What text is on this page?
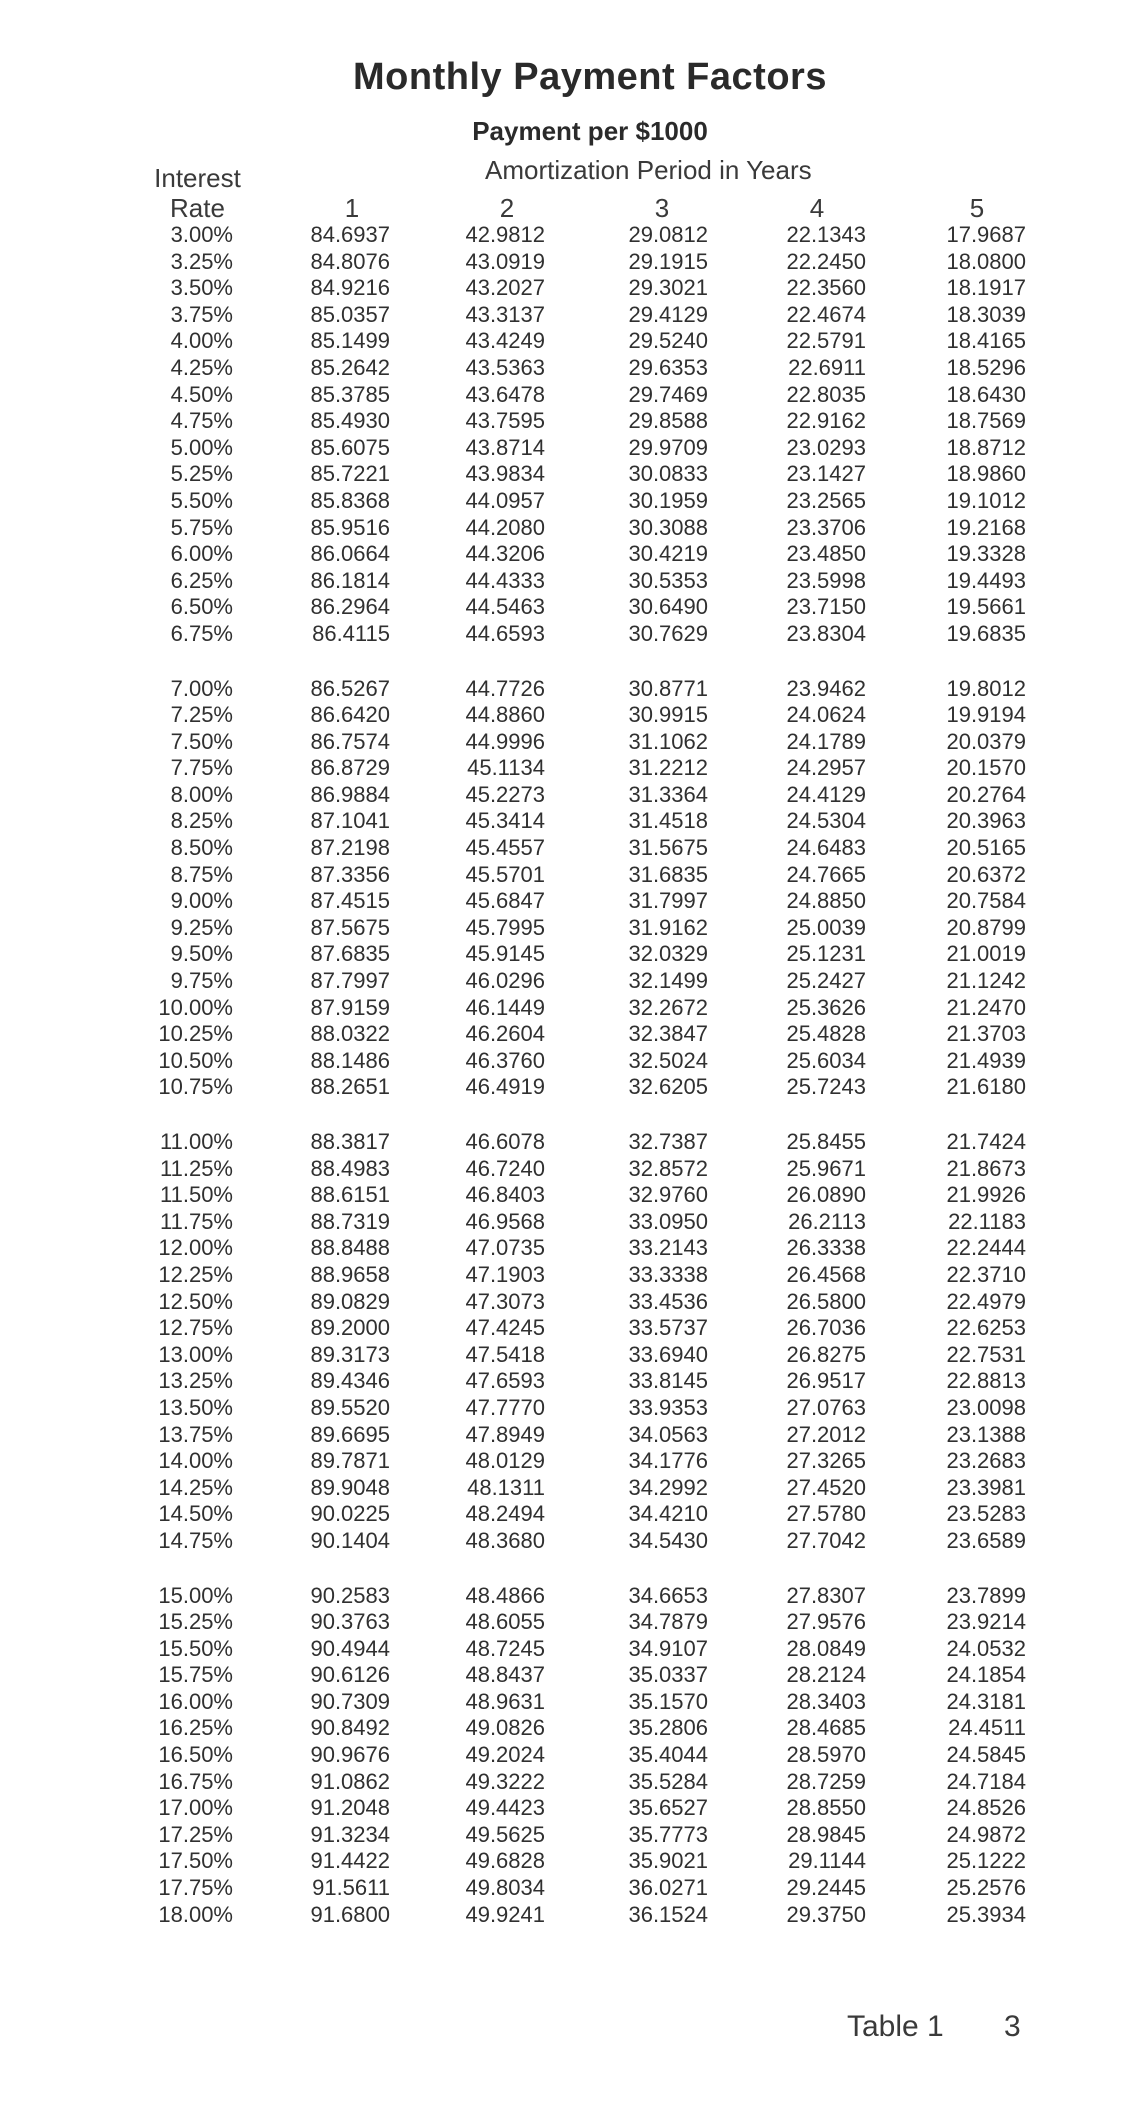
Monthly Payment Factors
Payment per $1000
Amortization Period in Years
Interest
Rate	1	2	3	4	5
3.00%	84.6937	42.9812	29.0812	22.1343	17.9687
3.25%	84.8076	43.0919	29.1915	22.2450	18.0800
3.50%	84.9216	43.2027	29.3021	22.3560	18.1917
3.75%	85.0357	43.3137	29.4129	22.4674	18.3039
4.00%	85.1499	43.4249	29.5240	22.5791	18.4165
4.25%	85.2642	43.5363	29.6353	22.6911	18.5296
4.50%	85.3785	43.6478	29.7469	22.8035	18.6430
4.75%	85.4930	43.7595	29.8588	22.9162	18.7569
5.00%	85.6075	43.8714	29.9709	23.0293	18.8712
5.25%	85.7221	43.9834	30.0833	23.1427	18.9860
5.50%	85.8368	44.0957	30.1959	23.2565	19.1012
5.75%	85.9516	44.2080	30.3088	23.3706	19.2168
6.00%	86.0664	44.3206	30.4219	23.4850	19.3328
6.25%	86.1814	44.4333	30.5353	23.5998	19.4493
6.50%	86.2964	44.5463	30.6490	23.7150	19.5661
6.75%	86.4115	44.6593	30.7629	23.8304	19.6835
7.00%	86.5267	44.7726	30.8771	23.9462	19.8012
7.25%	86.6420	44.8860	30.9915	24.0624	19.9194
7.50%	86.7574	44.9996	31.1062	24.1789	20.0379
7.75%	86.8729	45.1134	31.2212	24.2957	20.1570
8.00%	86.9884	45.2273	31.3364	24.4129	20.2764
8.25%	87.1041	45.3414	31.4518	24.5304	20.3963
8.50%	87.2198	45.4557	31.5675	24.6483	20.5165
8.75%	87.3356	45.5701	31.6835	24.7665	20.6372
9.00%	87.4515	45.6847	31.7997	24.8850	20.7584
9.25%	87.5675	45.7995	31.9162	25.0039	20.8799
9.50%	87.6835	45.9145	32.0329	25.1231	21.0019
9.75%	87.7997	46.0296	32.1499	25.2427	21.1242
10.00%	87.9159	46.1449	32.2672	25.3626	21.2470
10.25%	88.0322	46.2604	32.3847	25.4828	21.3703
10.50%	88.1486	46.3760	32.5024	25.6034	21.4939
10.75%	88.2651	46.4919	32.6205	25.7243	21.6180
11.00%	88.3817	46.6078	32.7387	25.8455	21.7424
11.25%	88.4983	46.7240	32.8572	25.9671	21.8673
11.50%	88.6151	46.8403	32.9760	26.0890	21.9926
11.75%	88.7319	46.9568	33.0950	26.2113	22.1183
12.00%	88.8488	47.0735	33.2143	26.3338	22.2444
12.25%	88.9658	47.1903	33.3338	26.4568	22.3710
12.50%	89.0829	47.3073	33.4536	26.5800	22.4979
12.75%	89.2000	47.4245	33.5737	26.7036	22.6253
13.00%	89.3173	47.5418	33.6940	26.8275	22.7531
13.25%	89.4346	47.6593	33.8145	26.9517	22.8813
13.50%	89.5520	47.7770	33.9353	27.0763	23.0098
13.75%	89.6695	47.8949	34.0563	27.2012	23.1388
14.00%	89.7871	48.0129	34.1776	27.3265	23.2683
14.25%	89.9048	48.1311	34.2992	27.4520	23.3981
14.50%	90.0225	48.2494	34.4210	27.5780	23.5283
14.75%	90.1404	48.3680	34.5430	27.7042	23.6589
15.00%	90.2583	48.4866	34.6653	27.8307	23.7899
15.25%	90.3763	48.6055	34.7879	27.9576	23.9214
15.50%	90.4944	48.7245	34.9107	28.0849	24.0532
15.75%	90.6126	48.8437	35.0337	28.2124	24.1854
16.00%	90.7309	48.9631	35.1570	28.3403	24.3181
16.25%	90.8492	49.0826	35.2806	28.4685	24.4511
16.50%	90.9676	49.2024	35.4044	28.5970	24.5845
16.75%	91.0862	49.3222	35.5284	28.7259	24.7184
17.00%	91.2048	49.4423	35.6527	28.8550	24.8526
17.25%	91.3234	49.5625	35.7773	28.9845	24.9872
17.50%	91.4422	49.6828	35.9021	29.1144	25.1222
17.75%	91.5611	49.8034	36.0271	29.2445	25.2576
18.00%	91.6800	49.9241	36.1524	29.3750	25.3934
Table 1 3
